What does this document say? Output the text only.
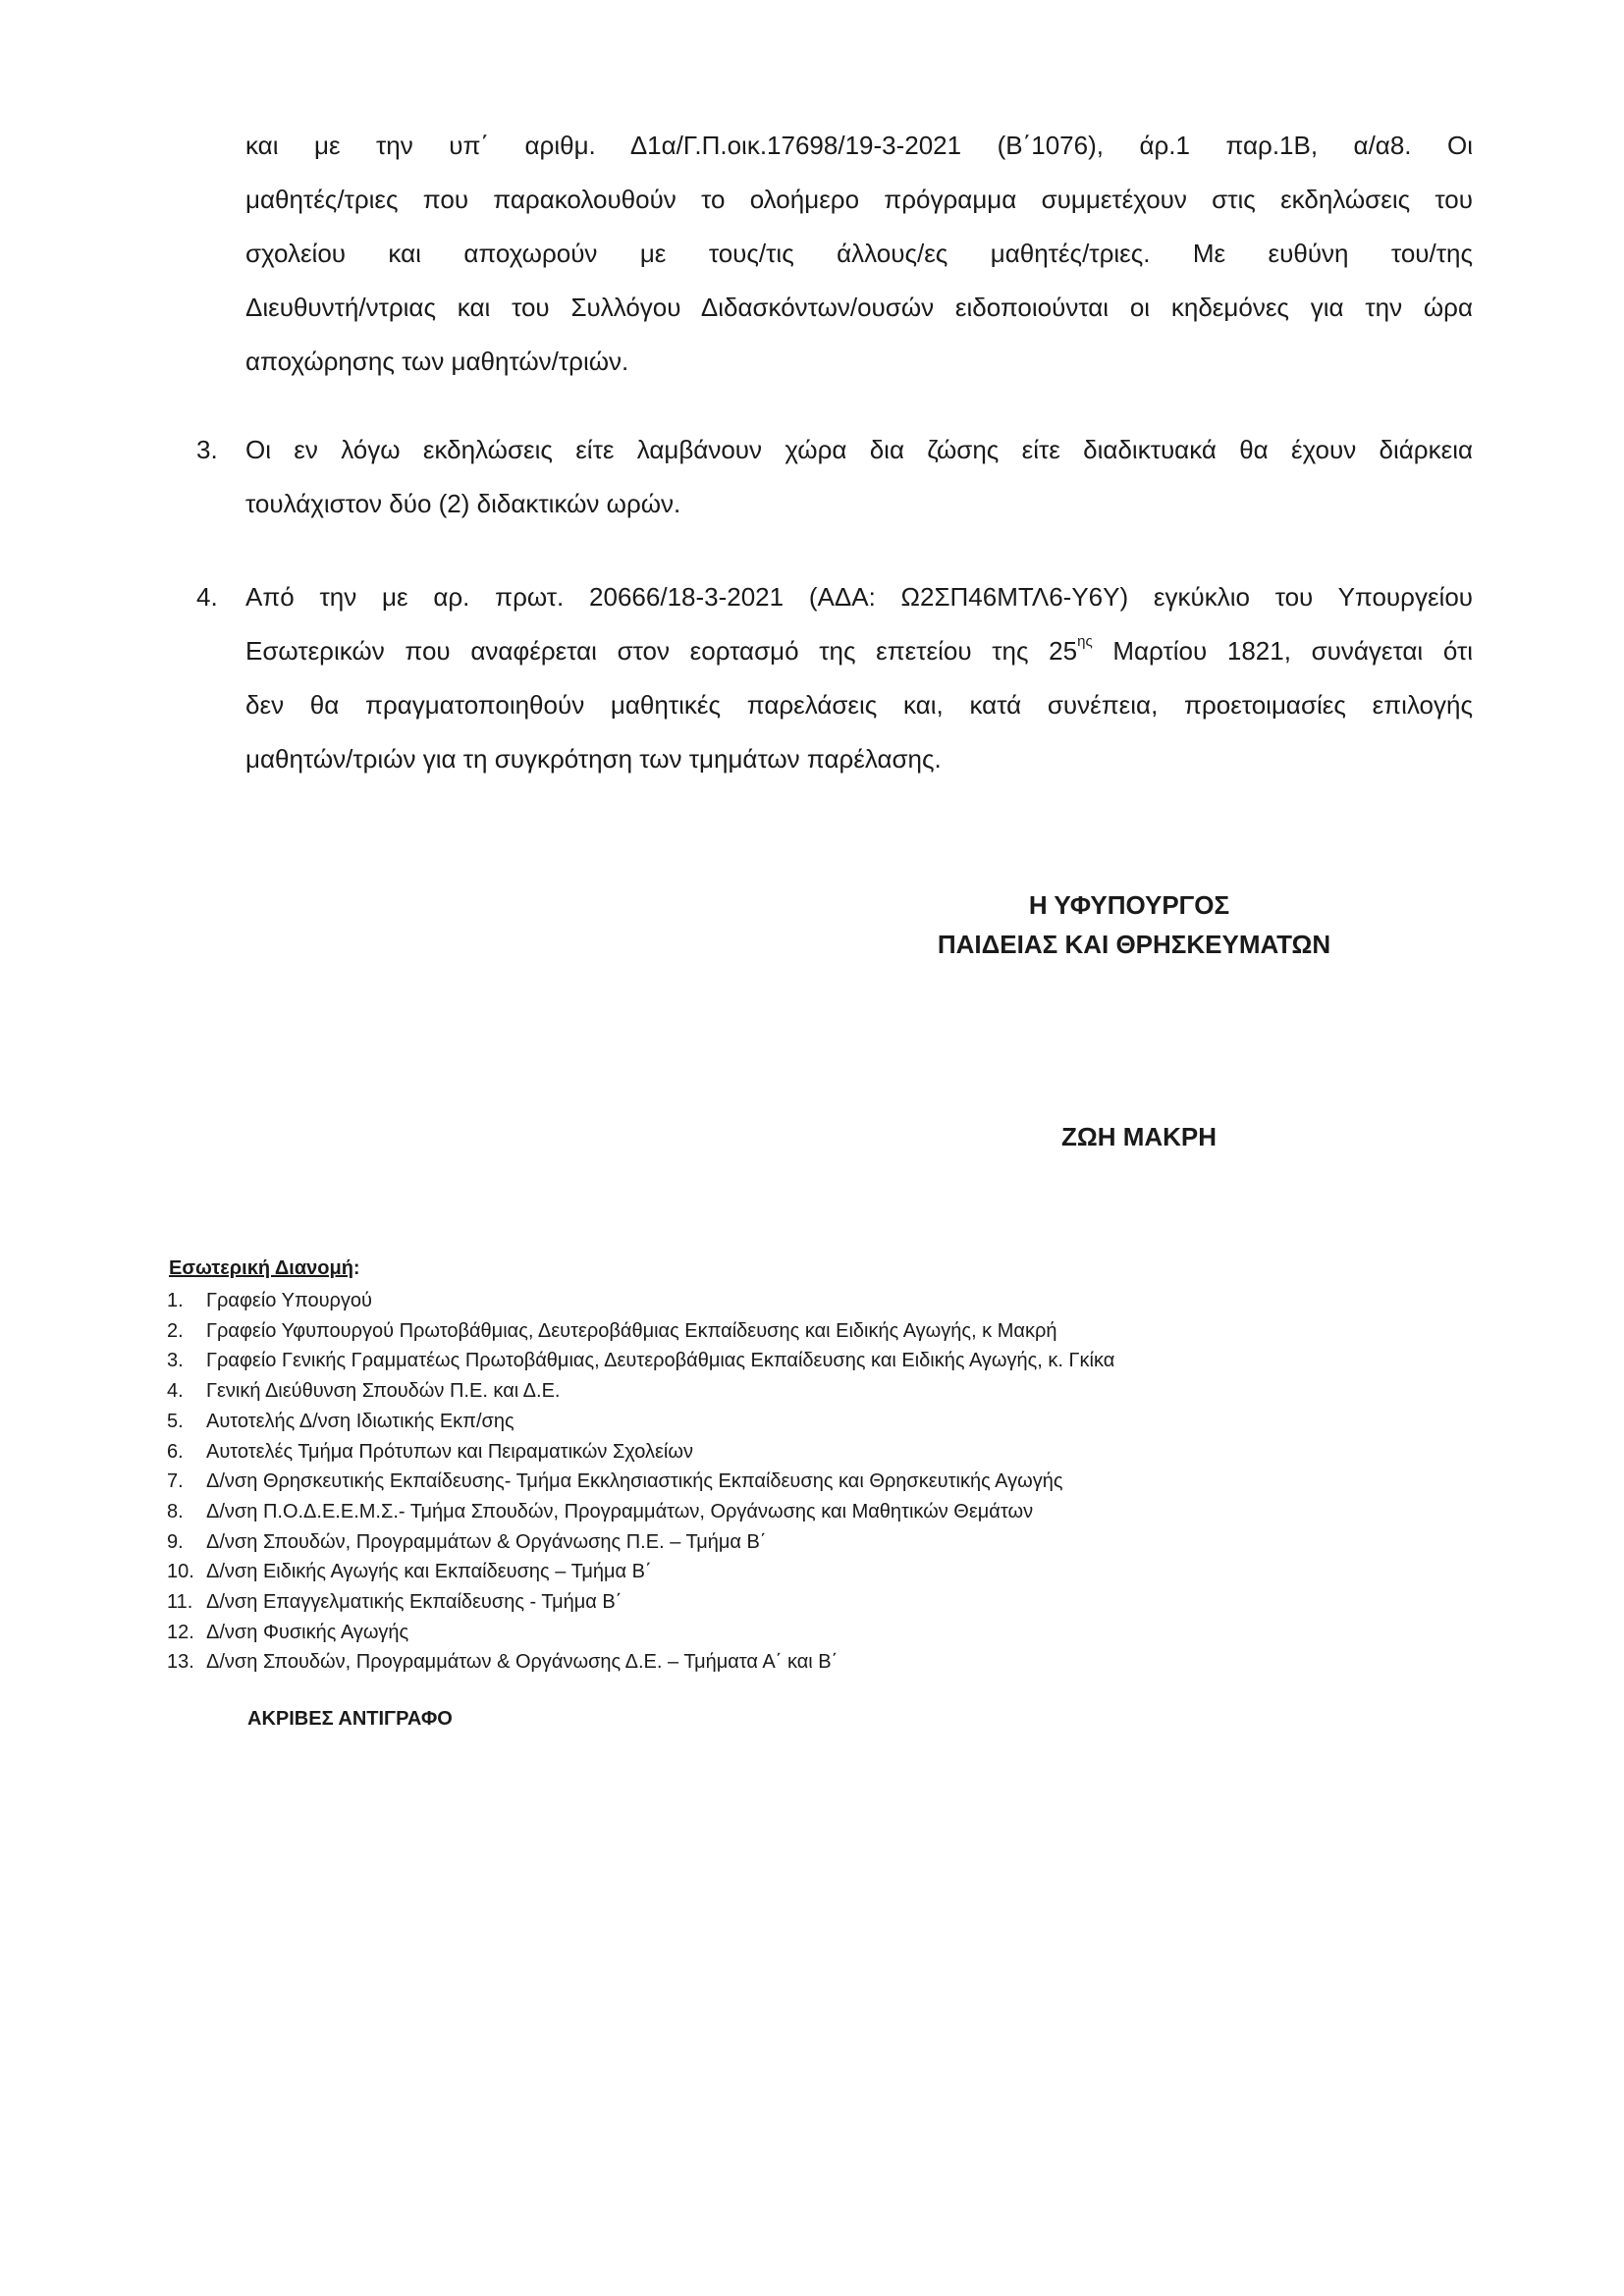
και με την υπ΄ αριθμ. Δ1α/Γ.Π.οικ.17698/19-3-2021 (Β΄1076), άρ.1 παρ.1Β, α/α8. Οι
μαθητές/τριες που παρακολουθούν το ολοήμερο πρόγραμμα συμμετέχουν στις εκδηλώσεις του
σχολείου και αποχωρούν με τους/τις άλλους/ες μαθητές/τριες. Με ευθύνη του/της
Διευθυντή/ντριας και του Συλλόγου Διδασκόντων/ουσών ειδοποιούνται οι κηδεμόνες για την ώρα
αποχώρησης των μαθητών/τριών.
3. Οι εν λόγω εκδηλώσεις είτε λαμβάνουν χώρα δια ζώσης είτε διαδικτυακά θα έχουν διάρκεια
τουλάχιστον δύο (2) διδακτικών ωρών.
4. Από την με αρ. πρωτ. 20666/18-3-2021 (ΑΔΑ: Ω2ΣΠ46ΜΤΛ6-Υ6Υ) εγκύκλιο του Υπουργείου
Εσωτερικών που αναφέρεται στον εορτασμό της επετείου της $25^{\eta\varsigma}$ Μαρτίου 1821, συνάγεται ότι
δεν θα πραγματοποιηθούν μαθητικές παρελάσεις και, κατά συνέπεια, προετοιμασίες επιλογής
μαθητών/τριών για τη συγκρότηση των τμημάτων παρέλασης.
Η ΥΦΥΠΟΥΡΓΟΣ
ΠΑΙΔΕΙΑΣ ΚΑΙ ΘΡΗΣΚΕΥΜΑΤΩΝ
ΖΩΗ ΜΑΚΡΗ
Εσωτερική Διανομή:
1. Γραφείο Υπουργού
2. Γραφείο Υφυπουργού Πρωτοβάθμιας, Δευτεροβάθμιας Εκπαίδευσης και Ειδικής Αγωγής, κ Μακρή
3. Γραφείο Γενικής Γραμματέως Πρωτοβάθμιας, Δευτεροβάθμιας Εκπαίδευσης και Ειδικής Αγωγής, κ. Γκίκα
4. Γενική Διεύθυνση Σπουδών Π.Ε. και Δ.Ε.
5. Αυτοτελής Δ/νση Ιδιωτικής Εκπ/σης
6. Αυτοτελές Τμήμα Πρότυπων και Πειραματικών Σχολείων
7. Δ/νση Θρησκευτικής Εκπαίδευσης- Τμήμα Εκκλησιαστικής Εκπαίδευσης και Θρησκευτικής Αγωγής
8. Δ/νση Π.Ο.Δ.Ε.Ε.Μ.Σ.- Τμήμα Σπουδών, Προγραμμάτων, Οργάνωσης και Μαθητικών Θεμάτων
9. Δ/νση Σπουδών, Προγραμμάτων & Οργάνωσης Π.Ε. – Τμήμα Β΄
10. Δ/νση Ειδικής Αγωγής και Εκπαίδευσης – Τμήμα Β΄
11. Δ/νση Επαγγελματικής Εκπαίδευσης - Τμήμα Β΄
12. Δ/νση Φυσικής Αγωγής
13. Δ/νση Σπουδών, Προγραμμάτων & Οργάνωσης Δ.Ε. – Τμήματα Α΄ και Β΄
ΑΚΡΙΒΕΣ ΑΝΤΙΓΡΑΦΟ
